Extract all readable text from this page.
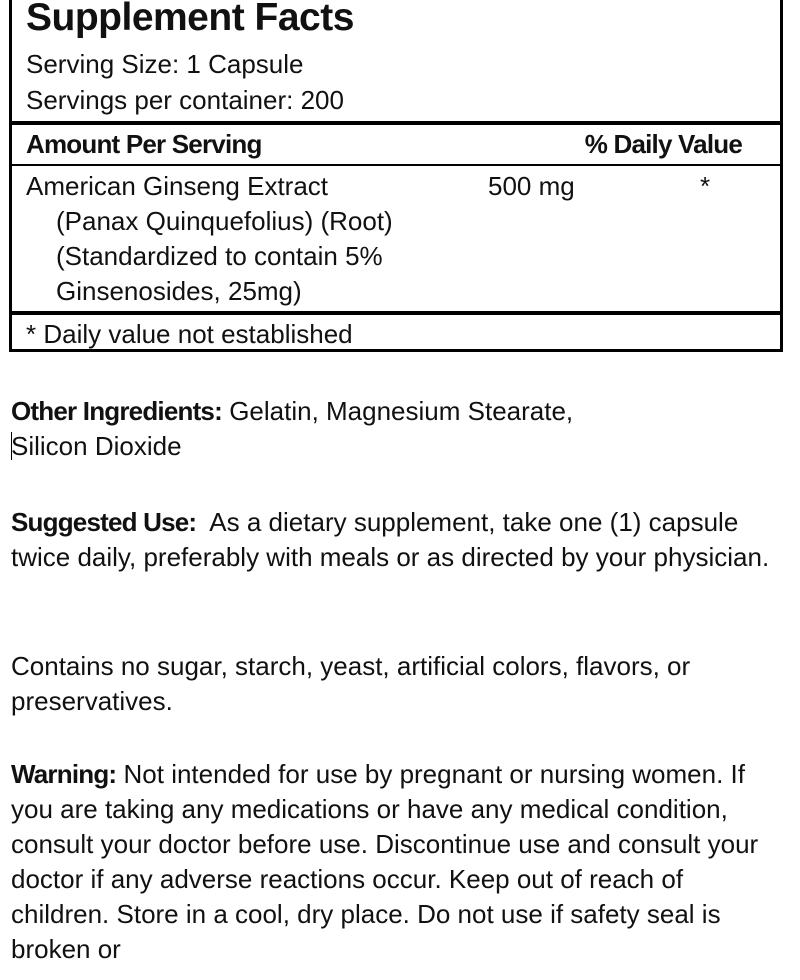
Supplement Facts
Serving Size: 1 Capsule
Servings per container: 200
Amount Per Serving	% Daily Value
American Ginseng Extract	500 mg	*
(Panax Quinquefolius) (Root)
(Standardized to contain 5%
Ginsenosides, 25mg)
* Daily value not established

Other Ingredients: Gelatin, Magnesium Stearate,
Silicon Dioxide

Suggested Use:  As a dietary supplement, take one (1) capsule twice daily, preferably with meals or as directed by your physician.

Contains no sugar, starch, yeast, artificial colors, flavors, or preservatives.

Warning: Not intended for use by pregnant or nursing women. If you are taking any medications or have any medical condition, consult your doctor before use. Discontinue use and consult your doctor if any adverse reactions occur. Keep out of reach of children. Store in a cool, dry place. Do not use if safety seal is broken or
